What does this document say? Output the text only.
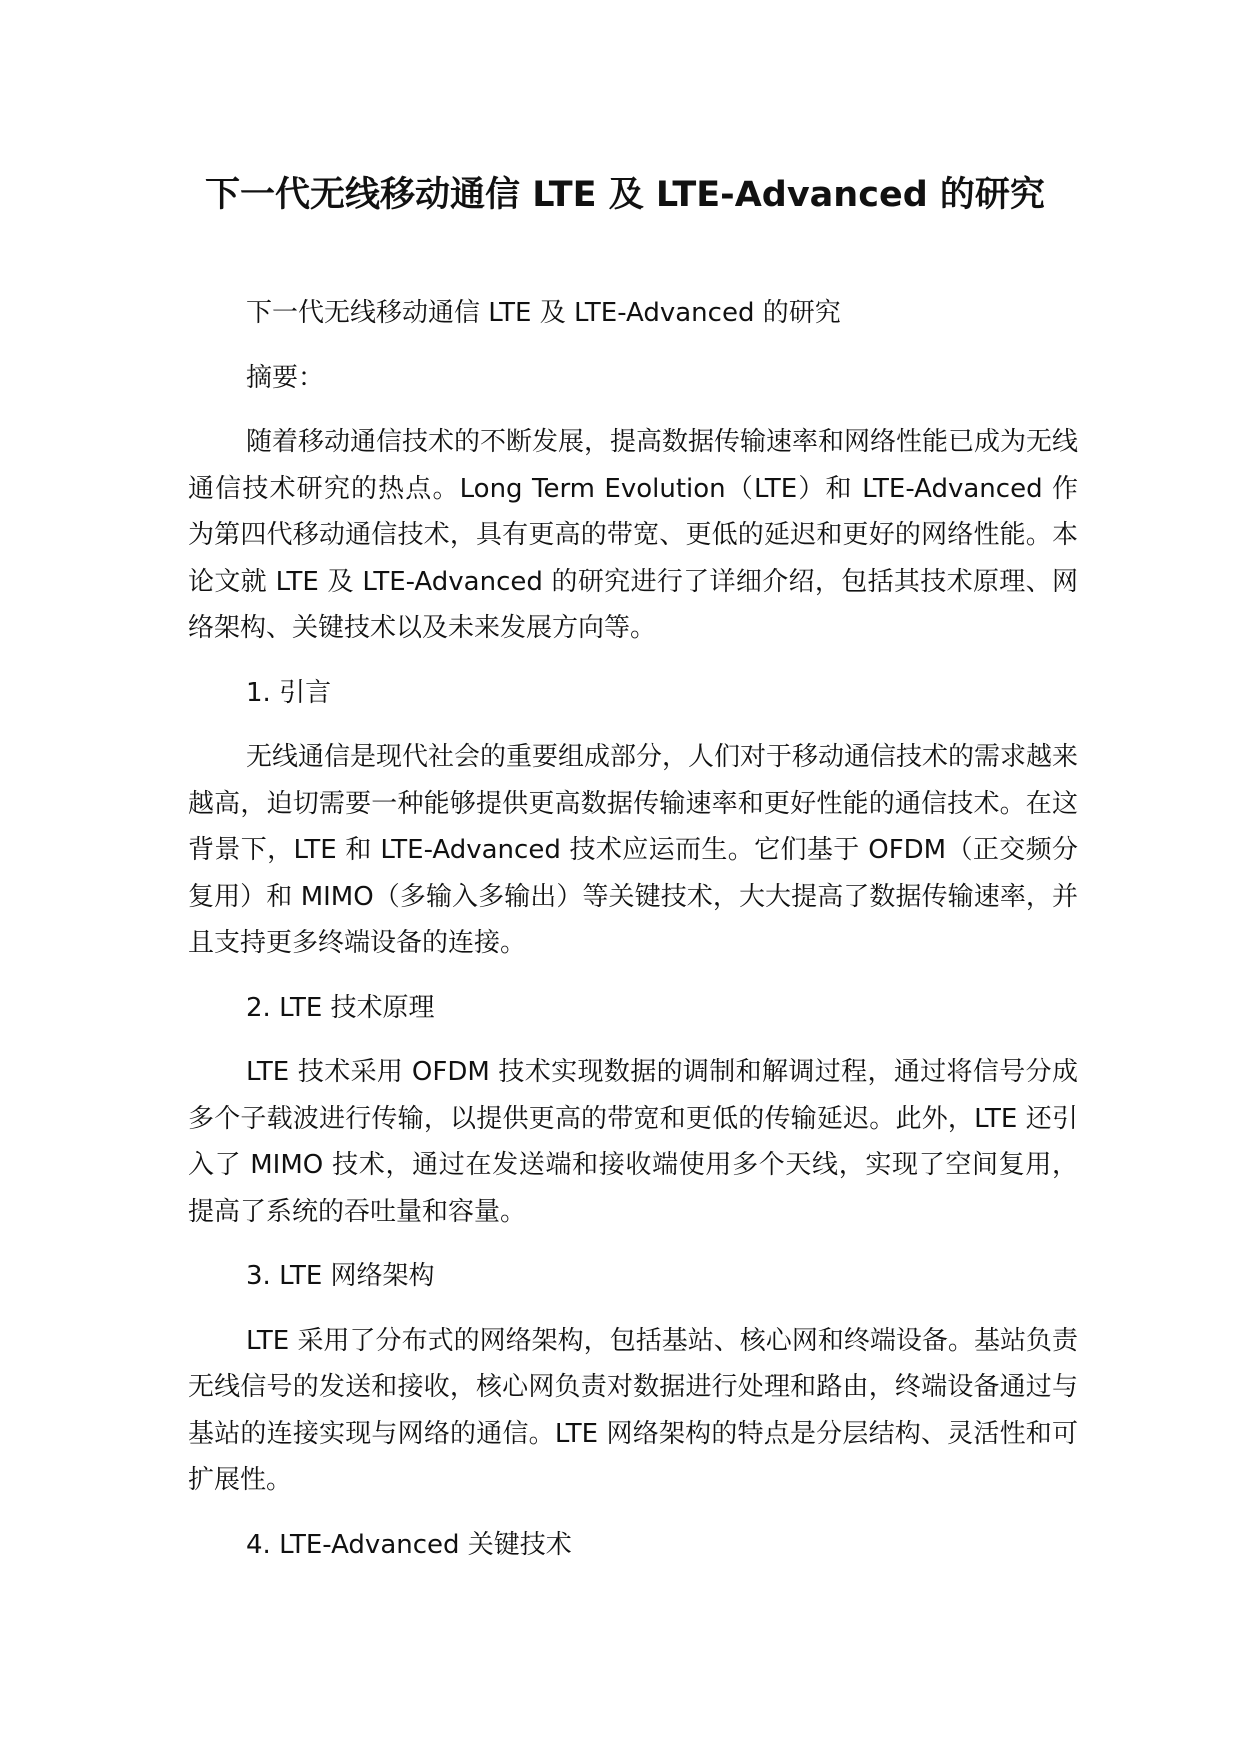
下一代无线移动通信 LTE 及 LTE-Advanced 的研究

下一代无线移动通信 LTE 及 LTE-Advanced 的研究

摘要：

随着移动通信技术的不断发展，提高数据传输速率和网络性能已成为无线通信技术研究的热点。Long Term Evolution（LTE）和 LTE-Advanced 作为第四代移动通信技术，具有更高的带宽、更低的延迟和更好的网络性能。本论文就 LTE 及 LTE-Advanced 的研究进行了详细介绍，包括其技术原理、网络架构、关键技术以及未来发展方向等。

1. 引言

无线通信是现代社会的重要组成部分，人们对于移动通信技术的需求越来越高，迫切需要一种能够提供更高数据传输速率和更好性能的通信技术。在这背景下，LTE 和 LTE-Advanced 技术应运而生。它们基于 OFDM（正交频分复用）和 MIMO（多输入多输出）等关键技术，大大提高了数据传输速率，并且支持更多终端设备的连接。

2. LTE 技术原理

LTE 技术采用 OFDM 技术实现数据的调制和解调过程，通过将信号分成多个子载波进行传输，以提供更高的带宽和更低的传输延迟。此外，LTE 还引入了 MIMO 技术，通过在发送端和接收端使用多个天线，实现了空间复用，提高了系统的吞吐量和容量。

3. LTE 网络架构

LTE 采用了分布式的网络架构，包括基站、核心网和终端设备。基站负责无线信号的发送和接收，核心网负责对数据进行处理和路由，终端设备通过与基站的连接实现与网络的通信。LTE 网络架构的特点是分层结构、灵活性和可扩展性。

4. LTE-Advanced 关键技术
